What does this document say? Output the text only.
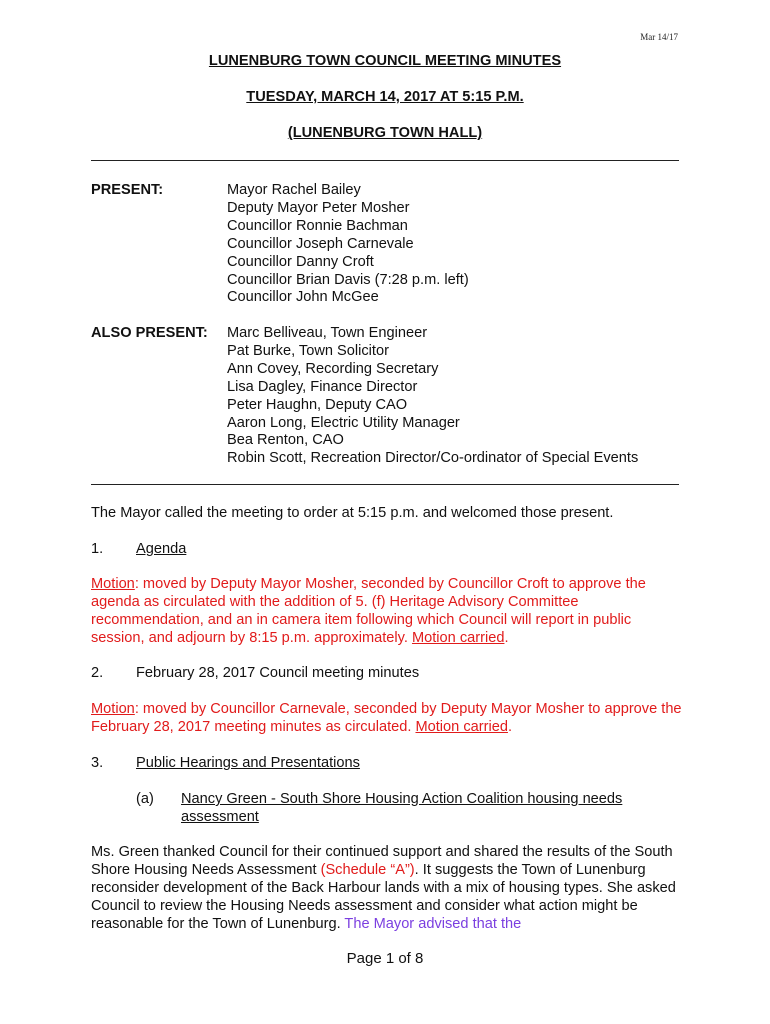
Mar 14/17
LUNENBURG TOWN COUNCIL MEETING MINUTES
TUESDAY, MARCH 14, 2017 AT 5:15 P.M.
(LUNENBURG TOWN HALL)
PRESENT:	Mayor Rachel Bailey
Deputy Mayor Peter Mosher
Councillor Ronnie Bachman
Councillor Joseph Carnevale
Councillor Danny Croft
Councillor Brian Davis (7:28 p.m. left)
Councillor John McGee
ALSO PRESENT: Marc Belliveau, Town Engineer
Pat Burke, Town Solicitor
Ann Covey, Recording Secretary
Lisa Dagley, Finance Director
Peter Haughn, Deputy CAO
Aaron Long, Electric Utility Manager
Bea Renton, CAO
Robin Scott, Recreation Director/Co-ordinator of Special Events
The Mayor called the meeting to order at 5:15 p.m. and welcomed those present.
1. Agenda
Motion: moved by Deputy Mayor Mosher, seconded by Councillor Croft to approve the agenda as circulated with the addition of 5. (f) Heritage Advisory Committee recommendation, and an in camera item following which Council will report in public session, and adjourn by 8:15 p.m. approximately. Motion carried.
2. February 28, 2017 Council meeting minutes
Motion: moved by Councillor Carnevale, seconded by Deputy Mayor Mosher to approve the February 28, 2017 meeting minutes as circulated. Motion carried.
3. Public Hearings and Presentations
(a) Nancy Green - South Shore Housing Action Coalition housing needs assessment
Ms. Green thanked Council for their continued support and shared the results of the South Shore Housing Needs Assessment (Schedule “A”). It suggests the Town of Lunenburg reconsider development of the Back Harbour lands with a mix of housing types. She asked Council to review the Housing Needs assessment and consider what action might be reasonable for the Town of Lunenburg. The Mayor advised that the
Page 1 of 8
